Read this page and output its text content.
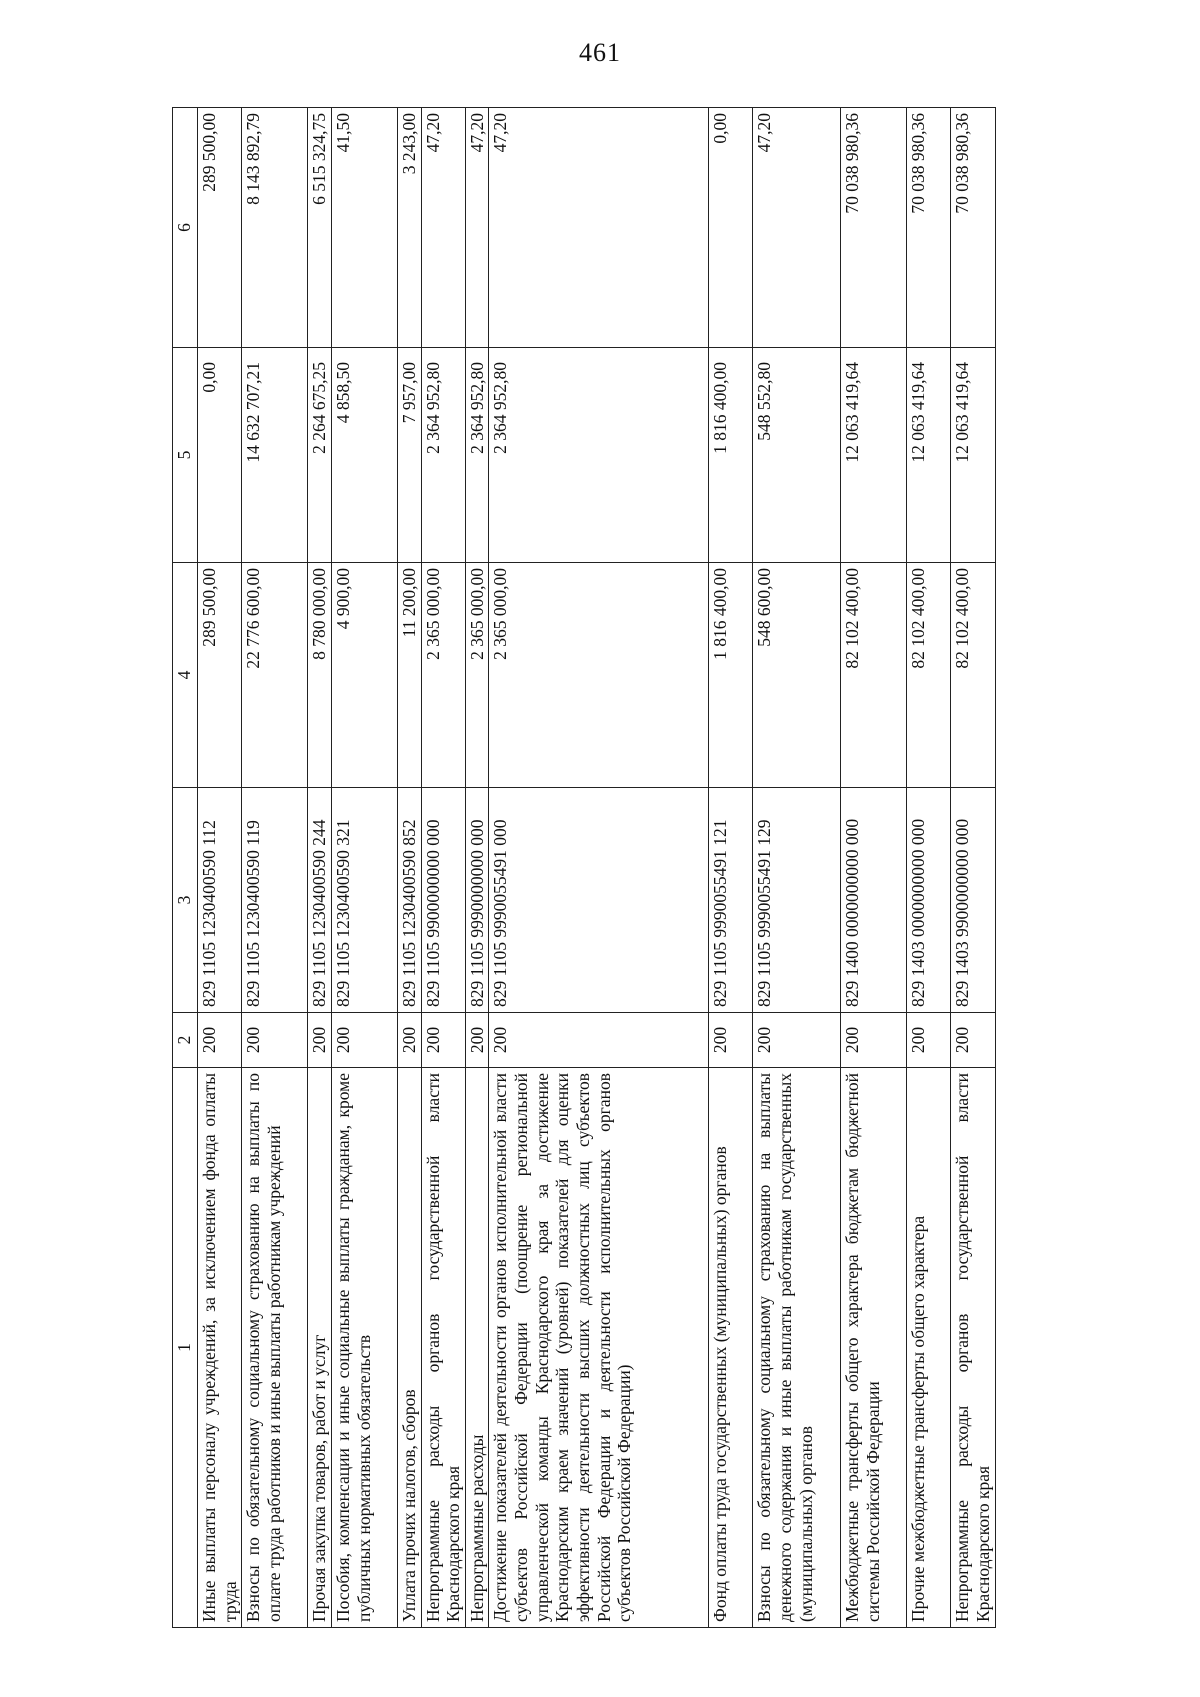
461
1	2	3	4	5	6
Иные выплаты персоналу учреждений, за исключением фонда оплаты труда	200	829 1105 1230400590 112	289 500,00	0,00	289 500,00
Взносы по обязательному социальному страхованию на выплаты по оплате труда работников и иные выплаты работникам учреждений	200	829 1105 1230400590 119	22 776 600,00	14 632 707,21	8 143 892,79
Прочая закупка товаров, работ и услуг	200	829 1105 1230400590 244	8 780 000,00	2 264 675,25	6 515 324,75
Пособия, компенсации и иные социальные выплаты гражданам, кроме публичных нормативных обязательств	200	829 1105 1230400590 321	4 900,00	4 858,50	41,50
Уплата прочих налогов, сборов	200	829 1105 1230400590 852	11 200,00	7 957,00	3 243,00
Непрограммные расходы органов государственной власти Краснодарского края	200	829 1105 9900000000 000	2 365 000,00	2 364 952,80	47,20
Непрограммные расходы	200	829 1105 9990000000 000	2 365 000,00	2 364 952,80	47,20
Достижение показателей деятельности органов исполнительной власти субъектов Российской Федерации (поощрение региональной управленческой команды Краснодарского края за достижение Краснодарским краем значений (уровней) показателей для оценки эффективности деятельности высших должностных лиц субъектов Российской Федерации и деятельности исполнительных органов субъектов Российской Федерации)	200	829 1105 9990055491 000	2 365 000,00	2 364 952,80	47,20
Фонд оплаты труда государственных (муниципальных) органов	200	829 1105 9990055491 121	1 816 400,00	1 816 400,00	0,00
Взносы по обязательному социальному страхованию на выплаты денежного содержания и иные выплаты работникам государственных (муниципальных) органов	200	829 1105 9990055491 129	548 600,00	548 552,80	47,20
Межбюджетные трансферты общего характера бюджетам бюджетной системы Российской Федерации	200	829 1400 0000000000 000	82 102 400,00	12 063 419,64	70 038 980,36
Прочие межбюджетные трансферты общего характера	200	829 1403 0000000000 000	82 102 400,00	12 063 419,64	70 038 980,36
Непрограммные расходы органов государственной власти Краснодарского края	200	829 1403 9900000000 000	82 102 400,00	12 063 419,64	70 038 980,36
